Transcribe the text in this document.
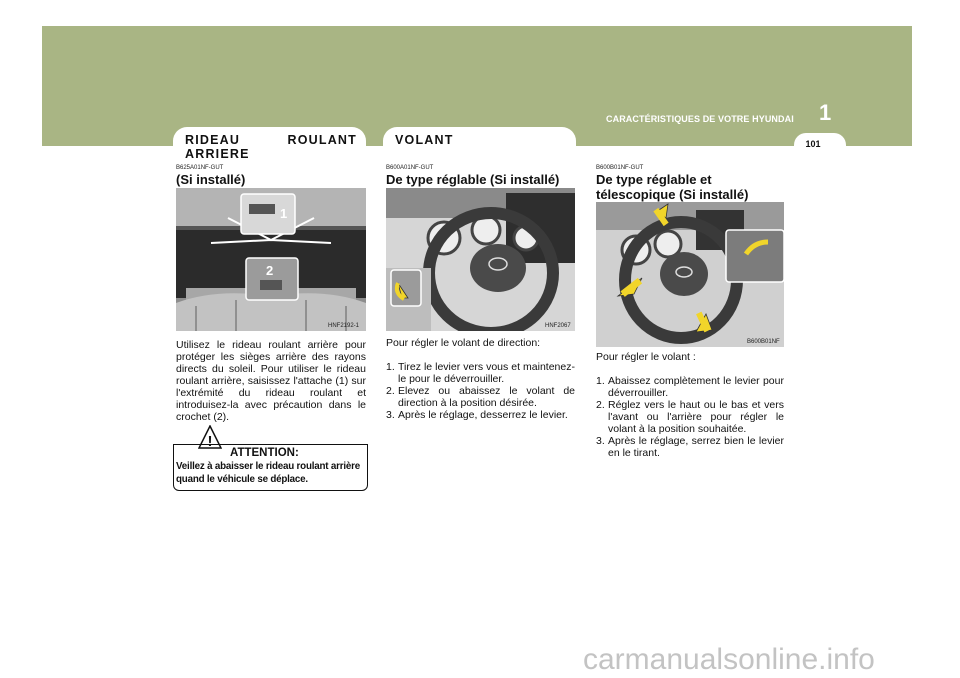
1
CARACTÉRISTIQUES DE VOTRE HYUNDAI
101
RIDEAU ROULANT ARRIERE
VOLANT
B625A01NF-GUT
(Si installé)
1
2
HNF2192-1
Utilisez le rideau roulant arrière pour protéger les sièges arrière des rayons directs du soleil. Pour utiliser le rideau roulant arrière, saisissez l'attache (1) sur l'extrémité du rideau roulant et introduisez-la avec précaution dans le crochet (2).
!
ATTENTION:
Veillez à abaisser le rideau roulant arrière quand le véhicule se déplace.
B600A01NF-GUT
De type réglable (Si installé)
HNF2067
Pour régler le volant de direction:
1. Tirez le levier vers vous et maintenez-le pour le déverrouiller.
2. Elevez ou abaissez le volant de direction à la position désirée.
3. Après le réglage, desserrez le levier.
B600B01NF-GUT
De type réglable et télescopique (Si installé)
B600B01NF
Pour régler le volant :
1. Abaissez complètement le levier pour déverrouiller.
2. Réglez vers le haut ou le bas et vers l'avant ou l'arrière pour régler le volant à la position souhaitée.
3. Après le réglage, serrez bien le levier en le tirant.
carmanualsonline.info
